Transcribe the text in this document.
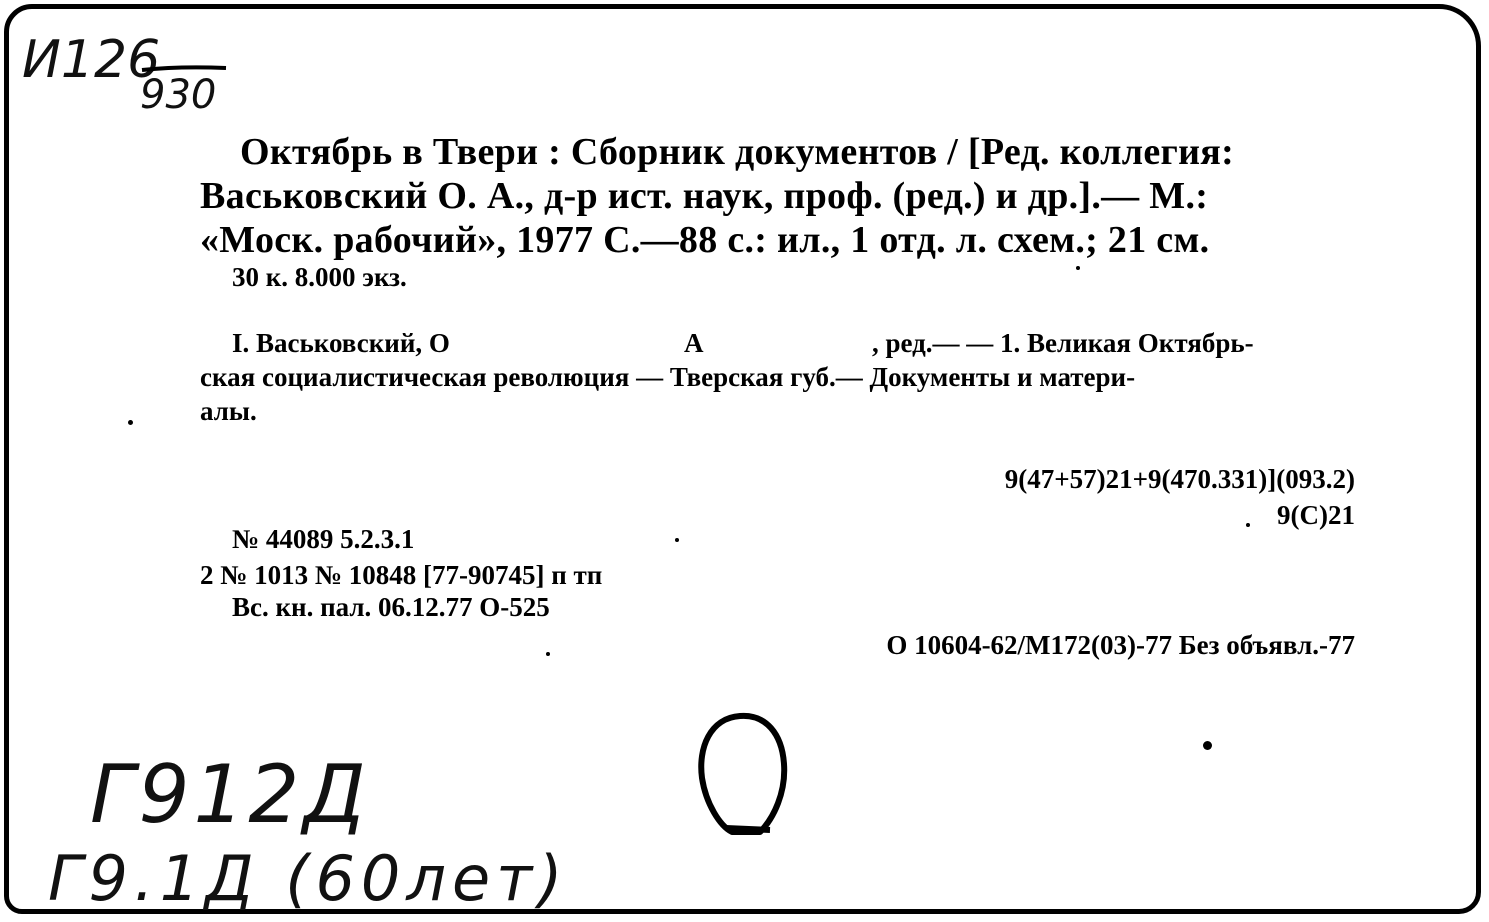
И126
930
Октябрь в Твери : Сборник документов / [Ред. коллегия:
Васьковский О. А., д-р ист. наук, проф. (ред.) и др.].— М.:
«Моск. рабочий», 1977 С.—88 с.: ил., 1 отд. л. схем.; 21 см.
30 к. 8.000 экз.
I. Васьковский, О	А	, ред.— — 1. Великая Октябрь-
ская социалистическая революция — Тверская губ.— Документы и матери-
алы.
9(47+57)21+9(470.331)](093.2)
9(С)21
№ 44089 5.2.3.1
2 № 1013 № 10848 [77-90745] п тп
Вс. кн. пал. 06.12.77 О-525
О 10604-62/М172(03)-77 Без объявл.-77
Г912Д
Г9.1Д (60лет)
